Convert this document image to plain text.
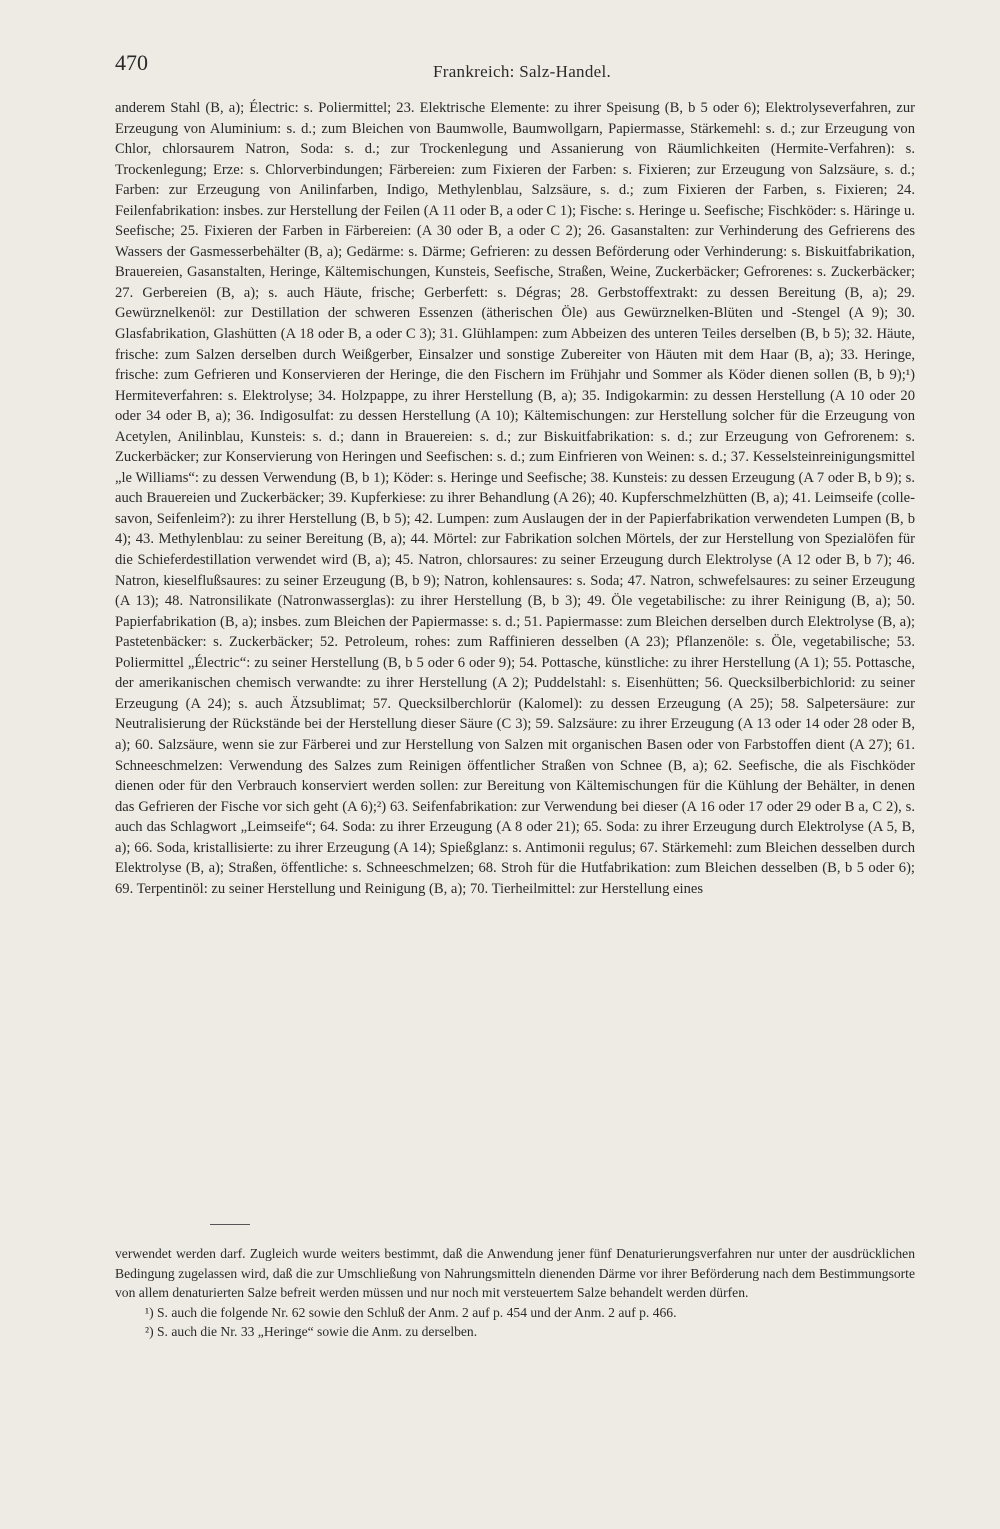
470	Frankreich: Salz-Handel.

anderem Stahl (B, a); Électric: s. Poliermittel; 23. Elektrische Elemente: zu ihrer Speisung (B, b 5 oder 6); Elektrolyseverfahren, zur Erzeugung von Aluminium: s. d.; zum Bleichen von Baumwolle, Baumwollgarn, Papiermasse, Stärkemehl: s. d.; zur Erzeugung von Chlor, chlorsaurem Natron, Soda: s. d.; zur Trockenlegung und Assanierung von Räumlichkeiten (Hermite-Verfahren): s. Trockenlegung; Erze: s. Chlorverbindungen; Färbereien: zum Fixieren der Farben: s. Fixieren; zur Erzeugung von Salzsäure, s. d.; Farben: zur Erzeugung von Anilinfarben, Indigo, Methylenblau, Salzsäure, s. d.; zum Fixieren der Farben, s. Fixieren; 24. Feilenfabrikation: insbes. zur Herstellung der Feilen (A 11 oder B, a oder C 1); Fische: s. Heringe u. Seefische; Fischköder: s. Häringe u. Seefische; 25. Fixieren der Farben in Färbereien: (A 30 oder B, a oder C 2); 26. Gasanstalten: zur Verhinderung des Gefrierens des Wassers der Gasmesserbehälter (B, a); Gedärme: s. Därme; Gefrieren: zu dessen Beförderung oder Verhinderung: s. Biskuitfabrikation, Brauereien, Gasanstalten, Heringe, Kältemischungen, Kunsteis, Seefische, Straßen, Weine, Zuckerbäcker; Gefrorenes: s. Zuckerbäcker; 27. Gerbereien (B, a); s. auch Häute, frische; Gerberfett: s. Dégras; 28. Gerbstoffextrakt: zu dessen Bereitung (B, a); 29. Gewürznelkenöl: zur Destillation der schweren Essenzen (ätherischen Öle) aus Gewürznelken-Blüten und -Stengel (A 9); 30. Glasfabrikation, Glashütten (A 18 oder B, a oder C 3); 31. Glühlampen: zum Abbeizen des unteren Teiles derselben (B, b 5); 32. Häute, frische: zum Salzen derselben durch Weißgerber, Einsalzer und sonstige Zubereiter von Häuten mit dem Haar (B, a); 33. Heringe, frische: zum Gefrieren und Konservieren der Heringe, die den Fischern im Frühjahr und Sommer als Köder dienen sollen (B, b 9);¹) Hermiteverfahren: s. Elektrolyse; 34. Holzpappe, zu ihrer Herstellung (B, a); 35. Indigokarmin: zu dessen Herstellung (A 10 oder 20 oder 34 oder B, a); 36. Indigosulfat: zu dessen Herstellung (A 10); Kältemischungen: zur Herstellung solcher für die Erzeugung von Acetylen, Anilinblau, Kunsteis: s. d.; dann in Brauereien: s. d.; zur Biskuitfabrikation: s. d.; zur Erzeugung von Gefrorenem: s. Zuckerbäcker; zur Konservierung von Heringen und Seefischen: s. d.; zum Einfrieren von Weinen: s. d.; 37. Kesselsteinreinigungsmittel „le Williams“: zu dessen Verwendung (B, b 1); Köder: s. Heringe und Seefische; 38. Kunsteis: zu dessen Erzeugung (A 7 oder B, b 9); s. auch Brauereien und Zuckerbäcker; 39. Kupferkiese: zu ihrer Behandlung (A 26); 40. Kupferschmelzhütten (B, a); 41. Leimseife (colle-savon, Seifenleim?): zu ihrer Herstellung (B, b 5); 42. Lumpen: zum Auslaugen der in der Papierfabrikation verwendeten Lumpen (B, b 4); 43. Methylenblau: zu seiner Bereitung (B, a); 44. Mörtel: zur Fabrikation solchen Mörtels, der zur Herstellung von Spezialöfen für die Schieferdestillation verwendet wird (B, a); 45. Natron, chlorsaures: zu seiner Erzeugung durch Elektrolyse (A 12 oder B, b 7); 46. Natron, kieselflußsaures: zu seiner Erzeugung (B, b 9); Natron, kohlensaures: s. Soda; 47. Natron, schwefelsaures: zu seiner Erzeugung (A 13); 48. Natronsilikate (Natronwasserglas): zu ihrer Herstellung (B, b 3); 49. Öle vegetabilische: zu ihrer Reinigung (B, a); 50. Papierfabrikation (B, a); insbes. zum Bleichen der Papiermasse: s. d.; 51. Papiermasse: zum Bleichen derselben durch Elektrolyse (B, a); Pastetenbäcker: s. Zuckerbäcker; 52. Petroleum, rohes: zum Raffinieren desselben (A 23); Pflanzenöle: s. Öle, vegetabilische; 53. Poliermittel „Électric“: zu seiner Herstellung (B, b 5 oder 6 oder 9); 54. Pottasche, künstliche: zu ihrer Herstellung (A 1); 55. Pottasche, der amerikanischen chemisch verwandte: zu ihrer Herstellung (A 2); Puddelstahl: s. Eisenhütten; 56. Quecksilberbichlorid: zu seiner Erzeugung (A 24); s. auch Ätzsublimat; 57. Quecksilberchlorür (Kalomel): zu dessen Erzeugung (A 25); 58. Salpetersäure: zur Neutralisierung der Rückstände bei der Herstellung dieser Säure (C 3); 59. Salzsäure: zu ihrer Erzeugung (A 13 oder 14 oder 28 oder B, a); 60. Salzsäure, wenn sie zur Färberei und zur Herstellung von Salzen mit organischen Basen oder von Farbstoffen dient (A 27); 61. Schneeschmelzen: Verwendung des Salzes zum Reinigen öffentlicher Straßen von Schnee (B, a); 62. Seefische, die als Fischköder dienen oder für den Verbrauch konserviert werden sollen: zur Bereitung von Kältemischungen für die Kühlung der Behälter, in denen das Gefrieren der Fische vor sich geht (A 6);²) 63. Seifenfabrikation: zur Verwendung bei dieser (A 16 oder 17 oder 29 oder B a, C 2), s. auch das Schlagwort „Leimseife“; 64. Soda: zu ihrer Erzeugung (A 8 oder 21); 65. Soda: zu ihrer Erzeugung durch Elektrolyse (A 5, B, a); 66. Soda, kristallisierte: zu ihrer Erzeugung (A 14); Spießglanz: s. Antimonii regulus; 67. Stärkemehl: zum Bleichen desselben durch Elektrolyse (B, a); Straßen, öffentliche: s. Schneeschmelzen; 68. Stroh für die Hutfabrikation: zum Bleichen desselben (B, b 5 oder 6); 69. Terpentinöl: zu seiner Herstellung und Reinigung (B, a); 70. Tierheilmittel: zur Herstellung eines

verwendet werden darf. Zugleich wurde weiters bestimmt, daß die Anwendung jener fünf Denaturierungsverfahren nur unter der ausdrücklichen Bedingung zugelassen wird, daß die zur Umschließung von Nahrungsmitteln dienenden Därme vor ihrer Beförderung nach dem Bestimmungsorte von allem denaturierten Salze befreit werden müssen und nur noch mit versteuertem Salze behandelt werden dürfen.

¹) S. auch die folgende Nr. 62 sowie den Schluß der Anm. 2 auf p. 454 und der Anm. 2 auf p. 466.

²) S. auch die Nr. 33 „Heringe“ sowie die Anm. zu derselben.
